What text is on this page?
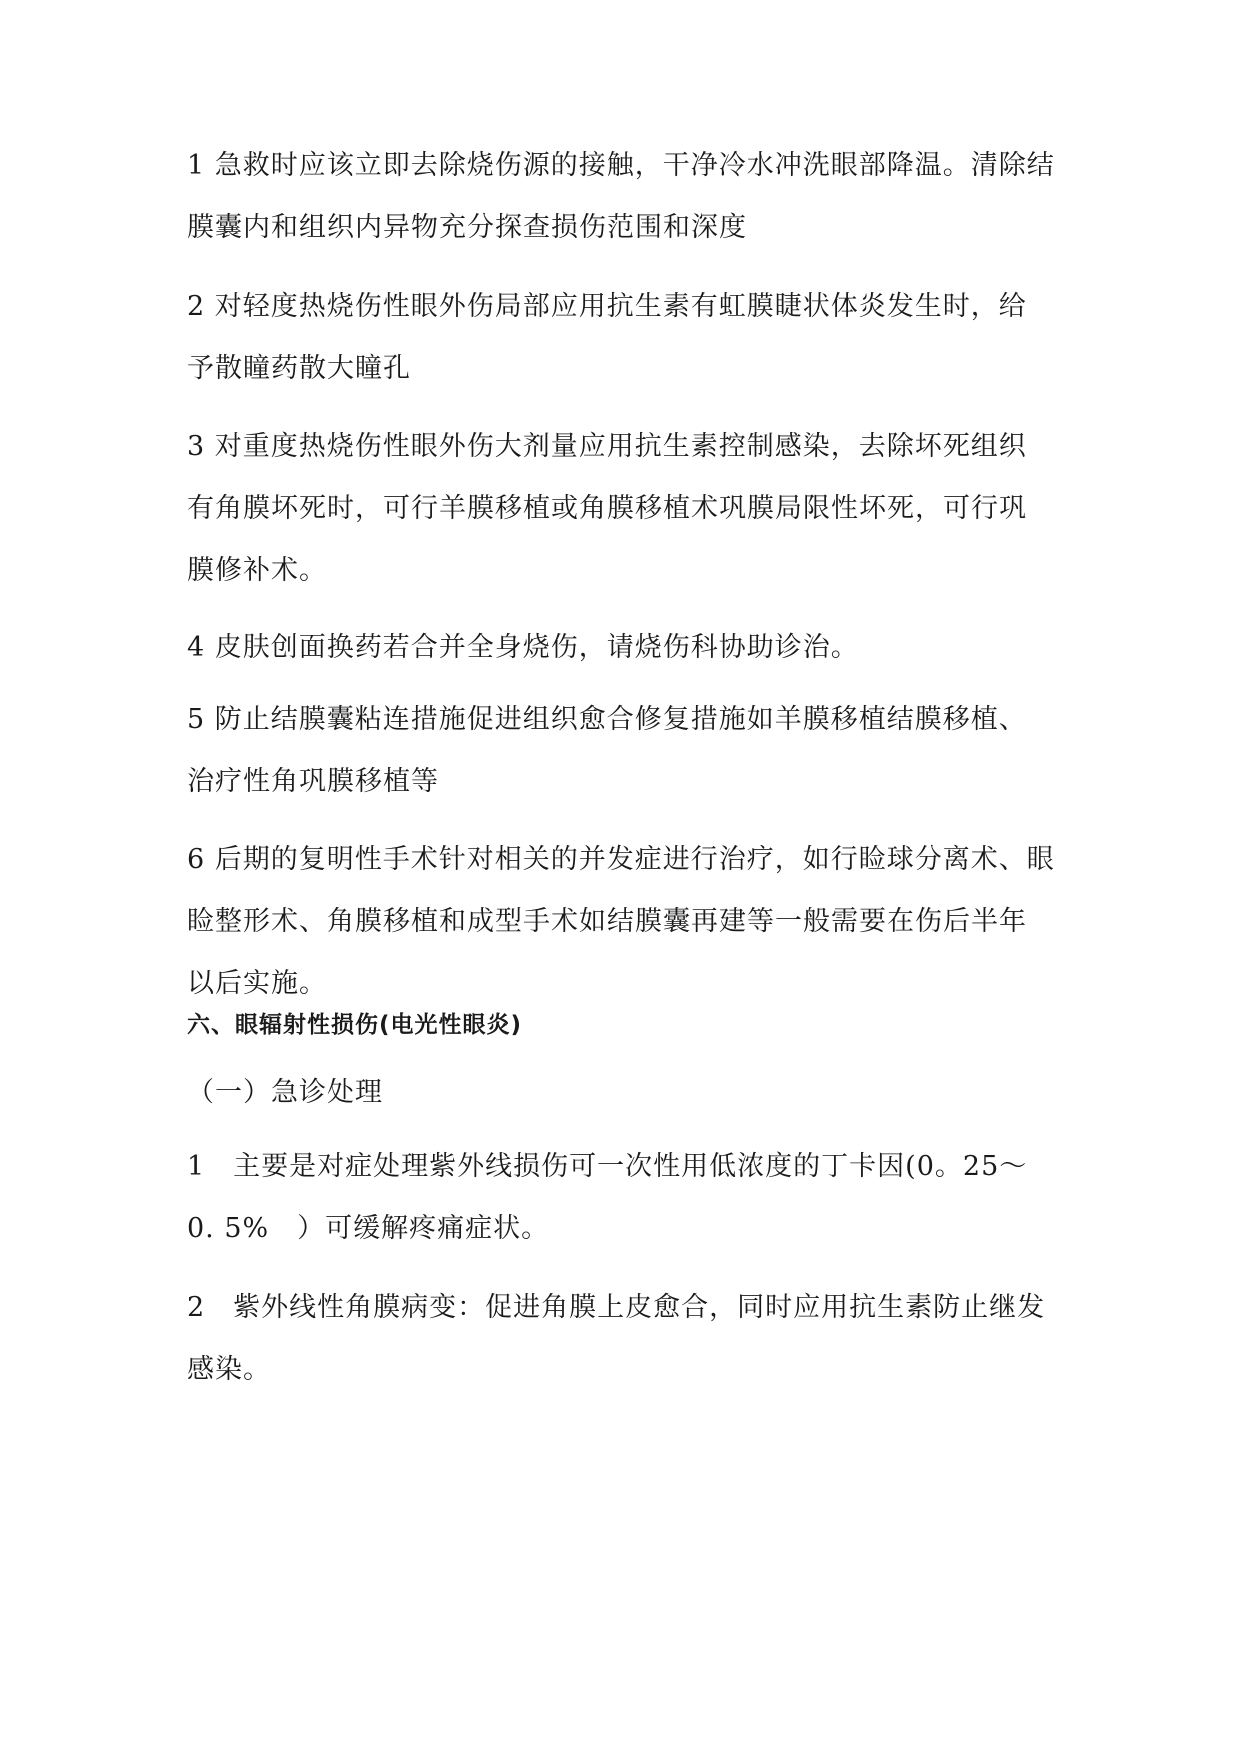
1 急救时应该立即去除烧伤源的接触，干净冷水冲洗眼部降温。清除结
膜囊内和组织内异物充分探查损伤范围和深度
2 对轻度热烧伤性眼外伤局部应用抗生素有虹膜睫状体炎发生时，给
予散瞳药散大瞳孔
3 对重度热烧伤性眼外伤大剂量应用抗生素控制感染，去除坏死组织
有角膜坏死时，可行羊膜移植或角膜移植术巩膜局限性坏死，可行巩
膜修补术。
4 皮肤创面换药若合并全身烧伤，请烧伤科协助诊治。
5 防止结膜囊粘连措施促进组织愈合修复措施如羊膜移植结膜移植、
治疗性角巩膜移植等
6 后期的复明性手术针对相关的并发症进行治疗，如行睑球分离术、眼
睑整形术、角膜移植和成型手术如结膜囊再建等一般需要在伤后半年
以后实施。
六、眼辐射性损伤(电光性眼炎)
（一）急诊处理
1　主要是对症处理紫外线损伤可一次性用低浓度的丁卡因(0。25～
0. 5%　）可缓解疼痛症状。
2　紫外线性角膜病变：促进角膜上皮愈合，同时应用抗生素防止继发
感染。
